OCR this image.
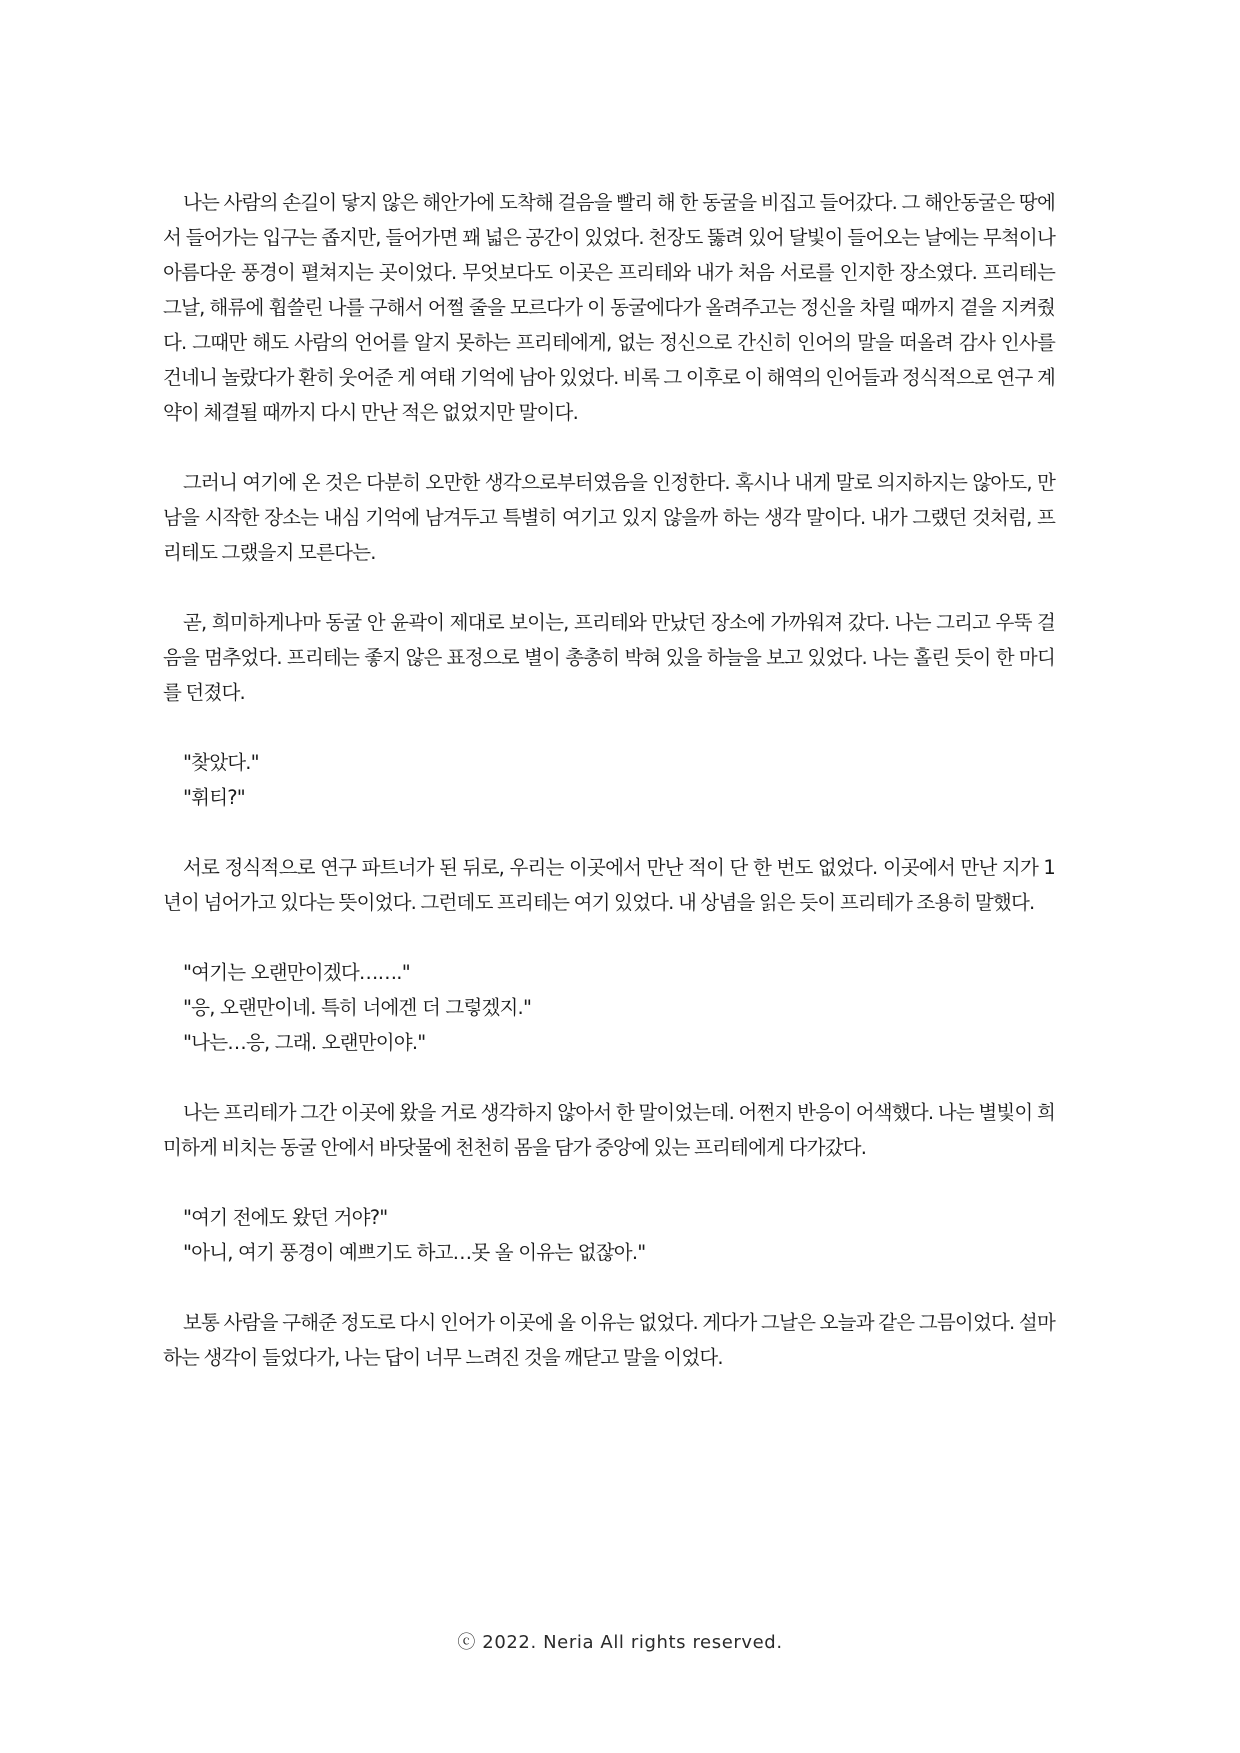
나는 사람의 손길이 닿지 않은 해안가에 도착해 걸음을 빨리 해 한 동굴을 비집고 들어갔다. 그 해안동굴은 땅에서 들어가는 입구는 좁지만, 들어가면 꽤 넓은 공간이 있었다. 천장도 뚫려 있어 달빛이 들어오는 날에는 무척이나 아름다운 풍경이 펼쳐지는 곳이었다. 무엇보다도 이곳은 프리테와 내가 처음 서로를 인지한 장소였다. 프리테는 그날, 해류에 휩쓸린 나를 구해서 어쩔 줄을 모르다가 이 동굴에다가 올려주고는 정신을 차릴 때까지 곁을 지켜줬다. 그때만 해도 사람의 언어를 알지 못하는 프리테에게, 없는 정신으로 간신히 인어의 말을 떠올려 감사 인사를 건네니 놀랐다가 환히 웃어준 게 여태 기억에 남아 있었다. 비록 그 이후로 이 해역의 인어들과 정식적으로 연구 계약이 체결될 때까지 다시 만난 적은 없었지만 말이다.

그러니 여기에 온 것은 다분히 오만한 생각으로부터였음을 인정한다. 혹시나 내게 말로 의지하지는 않아도, 만남을 시작한 장소는 내심 기억에 남겨두고 특별히 여기고 있지 않을까 하는 생각 말이다. 내가 그랬던 것처럼, 프리테도 그랬을지 모른다는.

곧, 희미하게나마 동굴 안 윤곽이 제대로 보이는, 프리테와 만났던 장소에 가까워져 갔다. 나는 그리고 우뚝 걸음을 멈추었다. 프리테는 좋지 않은 표정으로 별이 총총히 박혀 있을 하늘을 보고 있었다. 나는 홀린 듯이 한 마디를 던졌다.

"찾았다."
"휘티?"

서로 정식적으로 연구 파트너가 된 뒤로, 우리는 이곳에서 만난 적이 단 한 번도 없었다. 이곳에서 만난 지가 1년이 넘어가고 있다는 뜻이었다. 그런데도 프리테는 여기 있었다. 내 상념을 읽은 듯이 프리테가 조용히 말했다.

"여기는 오랜만이겠다……."
"응, 오랜만이네. 특히 너에겐 더 그렇겠지."
"나는…응, 그래. 오랜만이야."

나는 프리테가 그간 이곳에 왔을 거로 생각하지 않아서 한 말이었는데. 어쩐지 반응이 어색했다. 나는 별빛이 희미하게 비치는 동굴 안에서 바닷물에 천천히 몸을 담가 중앙에 있는 프리테에게 다가갔다.

"여기 전에도 왔던 거야?"
"아니, 여기 풍경이 예쁘기도 하고…못 올 이유는 없잖아."

보통 사람을 구해준 정도로 다시 인어가 이곳에 올 이유는 없었다. 게다가 그날은 오늘과 같은 그믐이었다. 설마 하는 생각이 들었다가, 나는 답이 너무 느려진 것을 깨닫고 말을 이었다.

ⓒ 2022. Neria All rights reserved.
